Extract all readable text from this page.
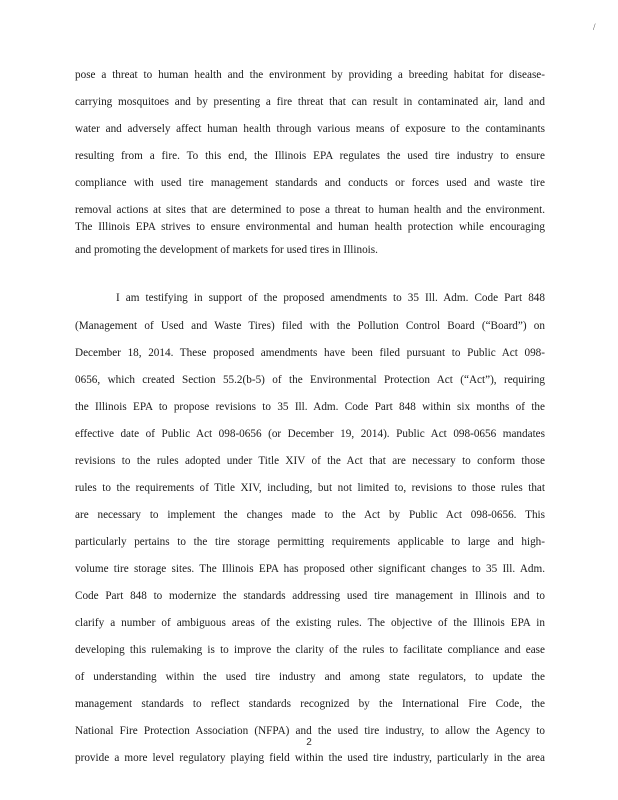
/
pose a threat to human health and the environment by providing a breeding habitat for disease-
carrying mosquitoes and by presenting a fire threat that can result in contaminated air, land and
water and adversely affect human health through various means of exposure to the contaminants
resulting from a fire. To this end, the Illinois EPA regulates the used tire industry to ensure
compliance with used tire management standards and conducts or forces used and waste tire
removal actions at sites that are determined to pose a threat to human health and the environment.
The Illinois EPA strives to ensure environmental and human health protection while encouraging
and promoting the development of markets for used tires in Illinois.
I am testifying in support of the proposed amendments to 35 Ill. Adm. Code Part 848
(Management of Used and Waste Tires) filed with the Pollution Control Board (“Board”) on
December 18, 2014. These proposed amendments have been filed pursuant to Public Act 098-
0656, which created Section 55.2(b-5) of the Environmental Protection Act (“Act”), requiring
the Illinois EPA to propose revisions to 35 Ill. Adm. Code Part 848 within six months of the
effective date of Public Act 098-0656 (or December 19, 2014). Public Act 098-0656 mandates
revisions to the rules adopted under Title XIV of the Act that are necessary to conform those
rules to the requirements of Title XIV, including, but not limited to, revisions to those rules that
are necessary to implement the changes made to the Act by Public Act 098-0656. This
particularly pertains to the tire storage permitting requirements applicable to large and high-
volume tire storage sites. The Illinois EPA has proposed other significant changes to 35 Ill. Adm.
Code Part 848 to modernize the standards addressing used tire management in Illinois and to
clarify a number of ambiguous areas of the existing rules. The objective of the Illinois EPA in
developing this rulemaking is to improve the clarity of the rules to facilitate compliance and ease
of understanding within the used tire industry and among state regulators, to update the
management standards to reflect standards recognized by the International Fire Code, the
National Fire Protection Association (NFPA) and the used tire industry, to allow the Agency to
provide a more level regulatory playing field within the used tire industry, particularly in the area
2
